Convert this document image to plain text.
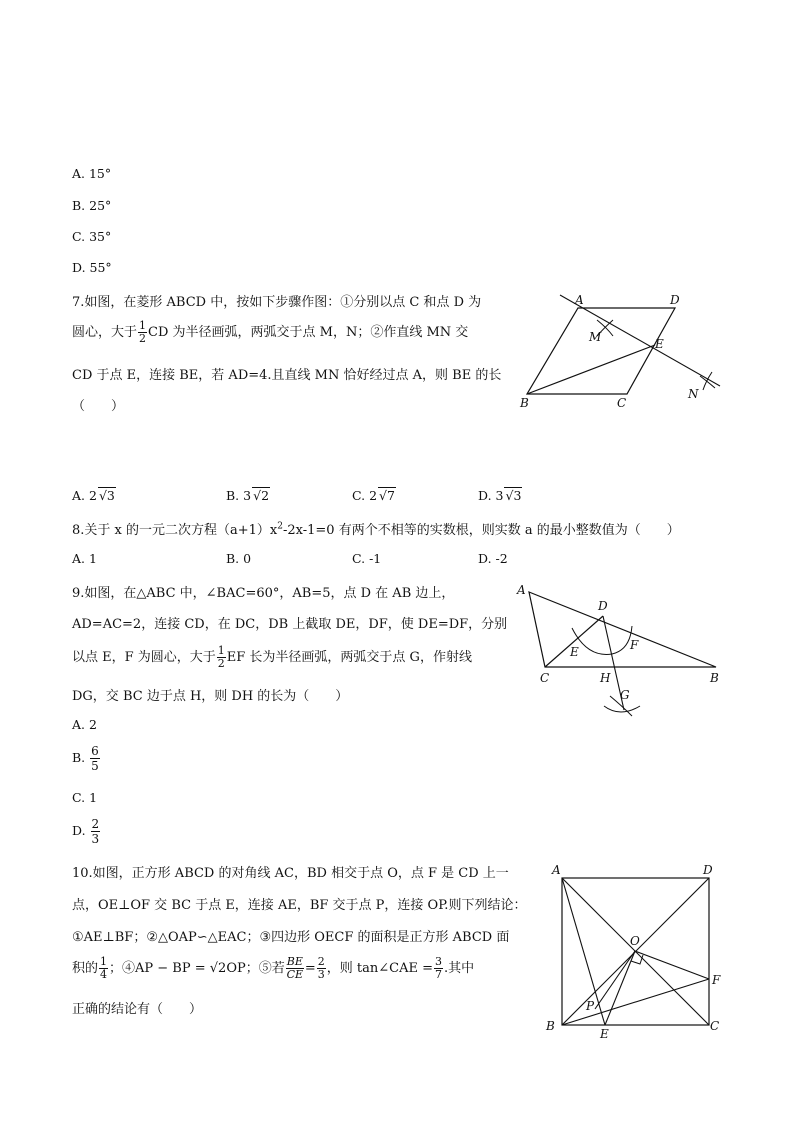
A. 15°
B. 25°
C. 35°
D. 55°
7.如图，在菱形 ABCD 中，按如下步骤作图：①分别以点 C 和点 D 为
圆心，大于 $\frac{1}{2}$ CD 为半径画弧，两弧交于点 M，N；②作直线 MN 交
CD 于点 E，连接 BE，若 AD=4.且直线 MN 恰好经过点 A，则 BE 的长
（　　）
A	D
B	C
E
M
N
A. 2 √3	B. 3 √2	C. 2 √7	D. 3 √3
8.关于 x 的一元二次方程$(a+1)x^2-2x-1=0$ 有两个不相等的实数根，则实数 a 的最小整数值为（　　）
A. 1	B. 0	C. -1	D. -2
9.如图，在△ABC 中，∠BAC=60°，AB=5，点 D 在 AB 边上，
AD=AC=2，连接 CD，在 DC，DB 上截取 DE，DF，使 DE=DF，分别
以点 E，F 为圆心，大于 $\frac{1}{2}$ EF 长为半径画弧，两弧交于点 G，作射线
DG，交 BC 边于点 H，则 DH 的长为（　　）
A
D
E	F
C	H	B
G
A. 2
B. $\frac{6}{5}$
C. 1
D. $\frac{2}{3}$
10.如图，正方形 ABCD 的对角线 AC，BD 相交于点 O，点 F 是 CD 上一
点，OE⊥OF 交 BC 于点 E，连接 AE，BF 交于点 P，连接 OP.则下列结论：
①AE⊥BF；②△OAP∽△EAC；③四边形 OECF 的面积是正方形 ABCD 面
积的 $\frac{1}{4}$ ；④AP − BP = √2OP；⑤若 $\frac{BE}{CE} = \frac{2}{3}$ ，则 tan∠CAE = $\frac{3}{7}$ .其中
正确的结论有（　　）
A	D
B	C
O
F
P
E
